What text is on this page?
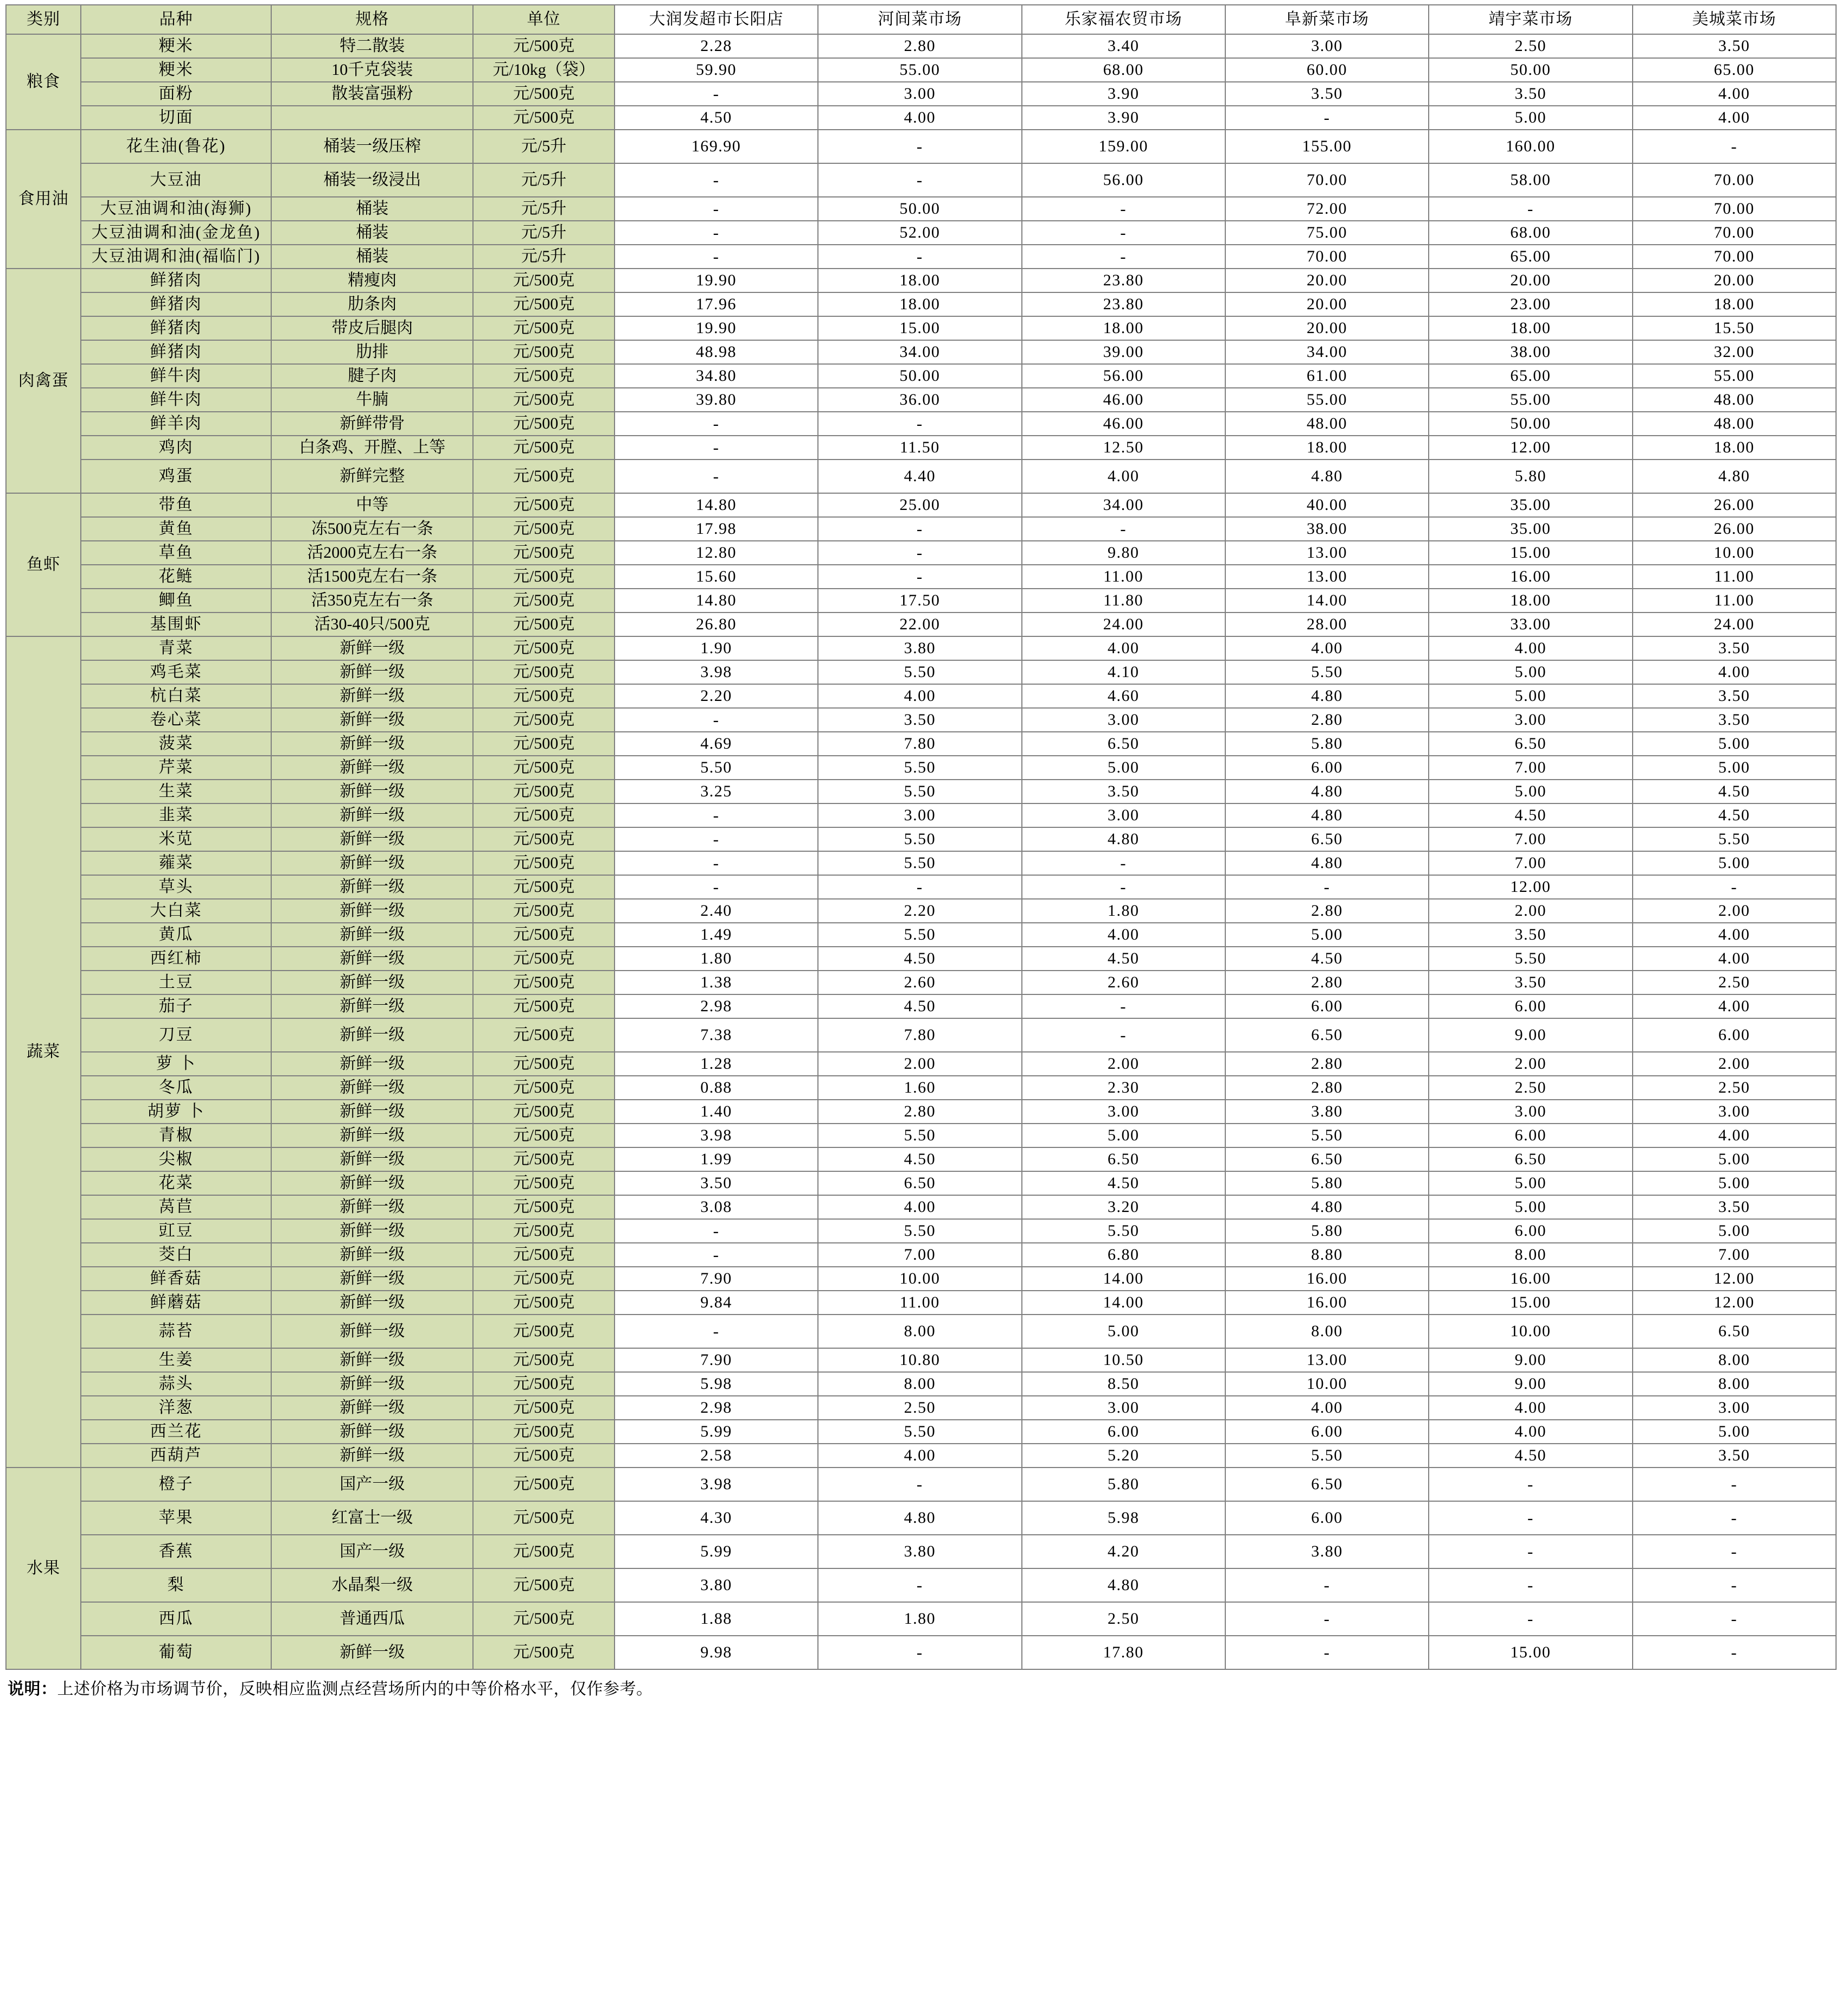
类别	品种	规格	单位	大润发超市长阳店	河间菜市场	乐家福农贸市场	阜新菜市场	靖宇菜市场	美城菜市场
粮食	粳米	特二散装	元/500克	2.28	2.80	3.40	3.00	2.50	3.50
	粳米	10千克袋装	元/10kg（袋）	59.90	55.00	68.00	60.00	50.00	65.00
	面粉	散装富强粉	元/500克	-	3.00	3.90	3.50	3.50	4.00
	切面		元/500克	4.50	4.00	3.90	-	5.00	4.00
食用油	花生油(鲁花)	桶装一级压榨	元/5升	169.90	-	159.00	155.00	160.00	-
	大豆油	桶装一级浸出	元/5升	-	-	56.00	70.00	58.00	70.00
	大豆油调和油(海狮)	桶装	元/5升	-	50.00	-	72.00	-	70.00
	大豆油调和油(金龙鱼)	桶装	元/5升	-	52.00	-	75.00	68.00	70.00
	大豆油调和油(福临门)	桶装	元/5升	-	-	-	70.00	65.00	70.00
肉禽蛋	鲜猪肉	精瘦肉	元/500克	19.90	18.00	23.80	20.00	20.00	20.00
	鲜猪肉	肋条肉	元/500克	17.96	18.00	23.80	20.00	23.00	18.00
	鲜猪肉	带皮后腿肉	元/500克	19.90	15.00	18.00	20.00	18.00	15.50
	鲜猪肉	肋排	元/500克	48.98	34.00	39.00	34.00	38.00	32.00
	鲜牛肉	腱子肉	元/500克	34.80	50.00	56.00	61.00	65.00	55.00
	鲜牛肉	牛腩	元/500克	39.80	36.00	46.00	55.00	55.00	48.00
	鲜羊肉	新鲜带骨	元/500克	-	-	46.00	48.00	50.00	48.00
	鸡肉	白条鸡、开膛、上等	元/500克	-	11.50	12.50	18.00	12.00	18.00
	鸡蛋	新鲜完整	元/500克	-	4.40	4.00	4.80	5.80	4.80
鱼虾	带鱼	中等	元/500克	14.80	25.00	34.00	40.00	35.00	26.00
	黄鱼	冻500克左右一条	元/500克	17.98	-	-	38.00	35.00	26.00
	草鱼	活2000克左右一条	元/500克	12.80	-	9.80	13.00	15.00	10.00
	花鲢	活1500克左右一条	元/500克	15.60	-	11.00	13.00	16.00	11.00
	鲫鱼	活350克左右一条	元/500克	14.80	17.50	11.80	14.00	18.00	11.00
	基围虾	活30-40只/500克	元/500克	26.80	22.00	24.00	28.00	33.00	24.00
蔬菜	青菜	新鲜一级	元/500克	1.90	3.80	4.00	4.00	4.00	3.50
	鸡毛菜	新鲜一级	元/500克	3.98	5.50	4.10	5.50	5.00	4.00
	杭白菜	新鲜一级	元/500克	2.20	4.00	4.60	4.80	5.00	3.50
	卷心菜	新鲜一级	元/500克	-	3.50	3.00	2.80	3.00	3.50
	菠菜	新鲜一级	元/500克	4.69	7.80	6.50	5.80	6.50	5.00
	芹菜	新鲜一级	元/500克	5.50	5.50	5.00	6.00	7.00	5.00
	生菜	新鲜一级	元/500克	3.25	5.50	3.50	4.80	5.00	4.50
	韭菜	新鲜一级	元/500克	-	3.00	3.00	4.80	4.50	4.50
	米苋	新鲜一级	元/500克	-	5.50	4.80	6.50	7.00	5.50
	蕹菜	新鲜一级	元/500克	-	5.50	-	4.80	7.00	5.00
	草头	新鲜一级	元/500克	-	-	-	-	12.00	-
	大白菜	新鲜一级	元/500克	2.40	2.20	1.80	2.80	2.00	2.00
	黄瓜	新鲜一级	元/500克	1.49	5.50	4.00	5.00	3.50	4.00
	西红柿	新鲜一级	元/500克	1.80	4.50	4.50	4.50	5.50	4.00
	土豆	新鲜一级	元/500克	1.38	2.60	2.60	2.80	3.50	2.50
	茄子	新鲜一级	元/500克	2.98	4.50	-	6.00	6.00	4.00
	刀豆	新鲜一级	元/500克	7.38	7.80	-	6.50	9.00	6.00
	萝 卜	新鲜一级	元/500克	1.28	2.00	2.00	2.80	2.00	2.00
	冬瓜	新鲜一级	元/500克	0.88	1.60	2.30	2.80	2.50	2.50
	胡萝 卜	新鲜一级	元/500克	1.40	2.80	3.00	3.80	3.00	3.00
	青椒	新鲜一级	元/500克	3.98	5.50	5.00	5.50	6.00	4.00
	尖椒	新鲜一级	元/500克	1.99	4.50	6.50	6.50	6.50	5.00
	花菜	新鲜一级	元/500克	3.50	6.50	4.50	5.80	5.00	5.00
	莴苣	新鲜一级	元/500克	3.08	4.00	3.20	4.80	5.00	3.50
	豇豆	新鲜一级	元/500克	-	5.50	5.50	5.80	6.00	5.00
	茭白	新鲜一级	元/500克	-	7.00	6.80	8.80	8.00	7.00
	鲜香菇	新鲜一级	元/500克	7.90	10.00	14.00	16.00	16.00	12.00
	鲜蘑菇	新鲜一级	元/500克	9.84	11.00	14.00	16.00	15.00	12.00
	蒜苔	新鲜一级	元/500克	-	8.00	5.00	8.00	10.00	6.50
	生姜	新鲜一级	元/500克	7.90	10.80	10.50	13.00	9.00	8.00
	蒜头	新鲜一级	元/500克	5.98	8.00	8.50	10.00	9.00	8.00
	洋葱	新鲜一级	元/500克	2.98	2.50	3.00	4.00	4.00	3.00
	西兰花	新鲜一级	元/500克	5.99	5.50	6.00	6.00	4.00	5.00
	西葫芦	新鲜一级	元/500克	2.58	4.00	5.20	5.50	4.50	3.50
水果	橙子	国产一级	元/500克	3.98	-	5.80	6.50	-	-
	苹果	红富士一级	元/500克	4.30	4.80	5.98	6.00	-	-
	香蕉	国产一级	元/500克	5.99	3.80	4.20	3.80	-	-
	梨	水晶梨一级	元/500克	3.80	-	4.80	-	-	-
	西瓜	普通西瓜	元/500克	1.88	1.80	2.50	-	-	-
	葡萄	新鲜一级	元/500克	9.98	-	17.80	-	15.00	-
说明：上述价格为市场调节价，反映相应监测点经营场所内的中等价格水平，仅作参考。
